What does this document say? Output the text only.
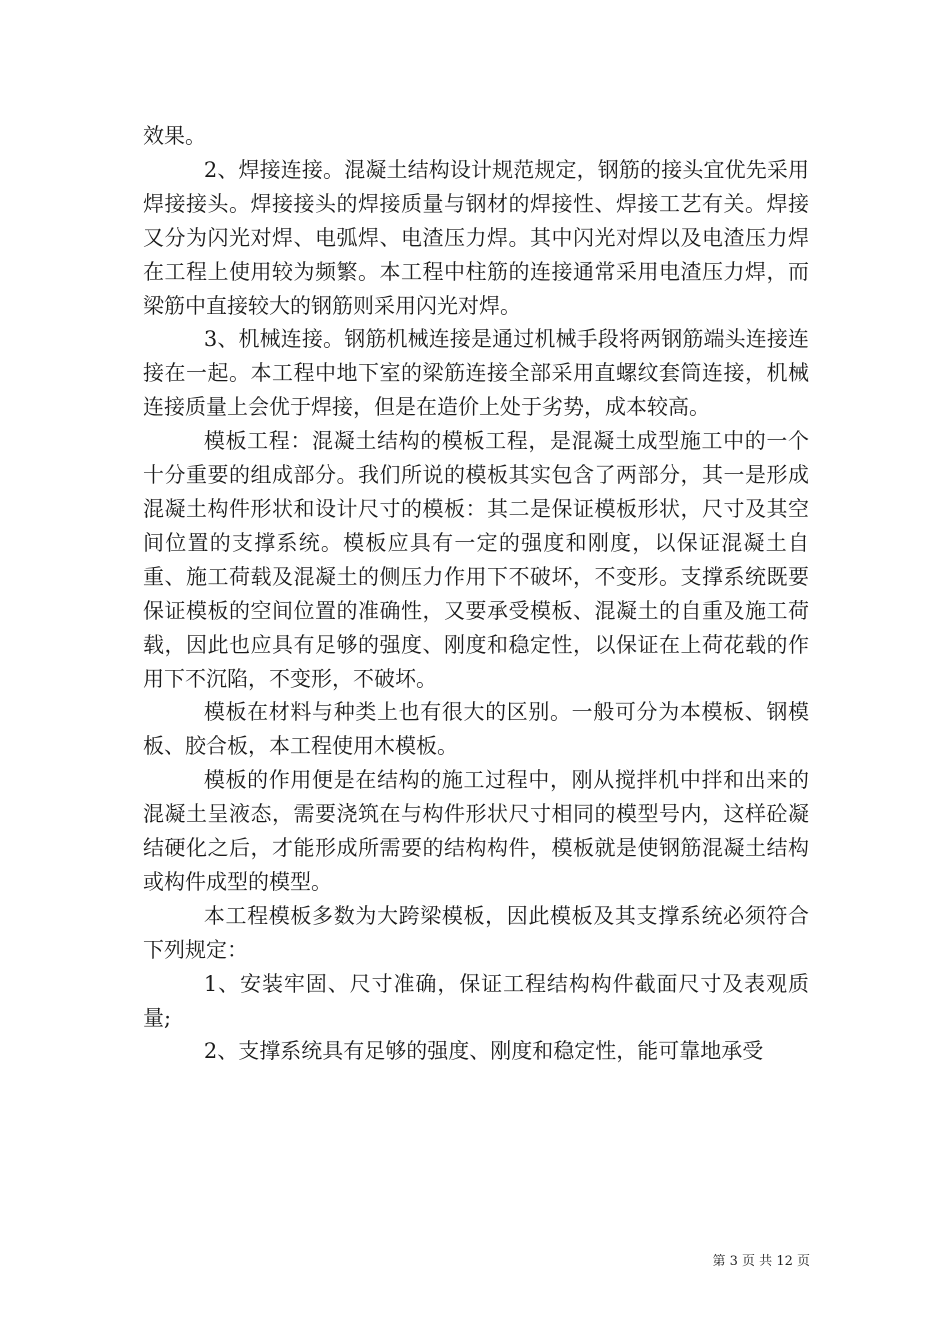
效果。

2、焊接连接。混凝土结构设计规范规定，钢筋的接头宜优先采用焊接接头。焊接接头的焊接质量与钢材的焊接性、焊接工艺有关。焊接又分为闪光对焊、电弧焊、电渣压力焊。其中闪光对焊以及电渣压力焊在工程上使用较为频繁。本工程中柱筋的连接通常采用电渣压力焊，而梁筋中直接较大的钢筋则采用闪光对焊。

3、机械连接。钢筋机械连接是通过机械手段将两钢筋端头连接连接在一起。本工程中地下室的梁筋连接全部采用直螺纹套筒连接，机械连接质量上会优于焊接，但是在造价上处于劣势，成本较高。

模板工程：混凝土结构的模板工程，是混凝土成型施工中的一个十分重要的组成部分。我们所说的模板其实包含了两部分，其一是形成混凝土构件形状和设计尺寸的模板：其二是保证模板形状，尺寸及其空间位置的支撑系统。模板应具有一定的强度和刚度，以保证混凝土自重、施工荷载及混凝土的侧压力作用下不破坏，不变形。支撑系统既要保证模板的空间位置的准确性，又要承受模板、混凝土的自重及施工荷载，因此也应具有足够的强度、刚度和稳定性，以保证在上荷花载的作用下不沉陷，不变形，不破坏。

模板在材料与种类上也有很大的区别。一般可分为本模板、钢模板、胶合板，本工程使用木模板。

模板的作用便是在结构的施工过程中，刚从搅拌机中拌和出来的混凝土呈液态，需要浇筑在与构件形状尺寸相同的模型号内，这样砼凝结硬化之后，才能形成所需要的结构构件，模板就是使钢筋混凝土结构或构件成型的模型。

本工程模板多数为大跨梁模板，因此模板及其支撑系统必须符合下列规定：

1、安装牢固、尺寸准确，保证工程结构构件截面尺寸及表观质量;

2、支撑系统具有足够的强度、刚度和稳定性，能可靠地承受

第 3 页 共 12 页
